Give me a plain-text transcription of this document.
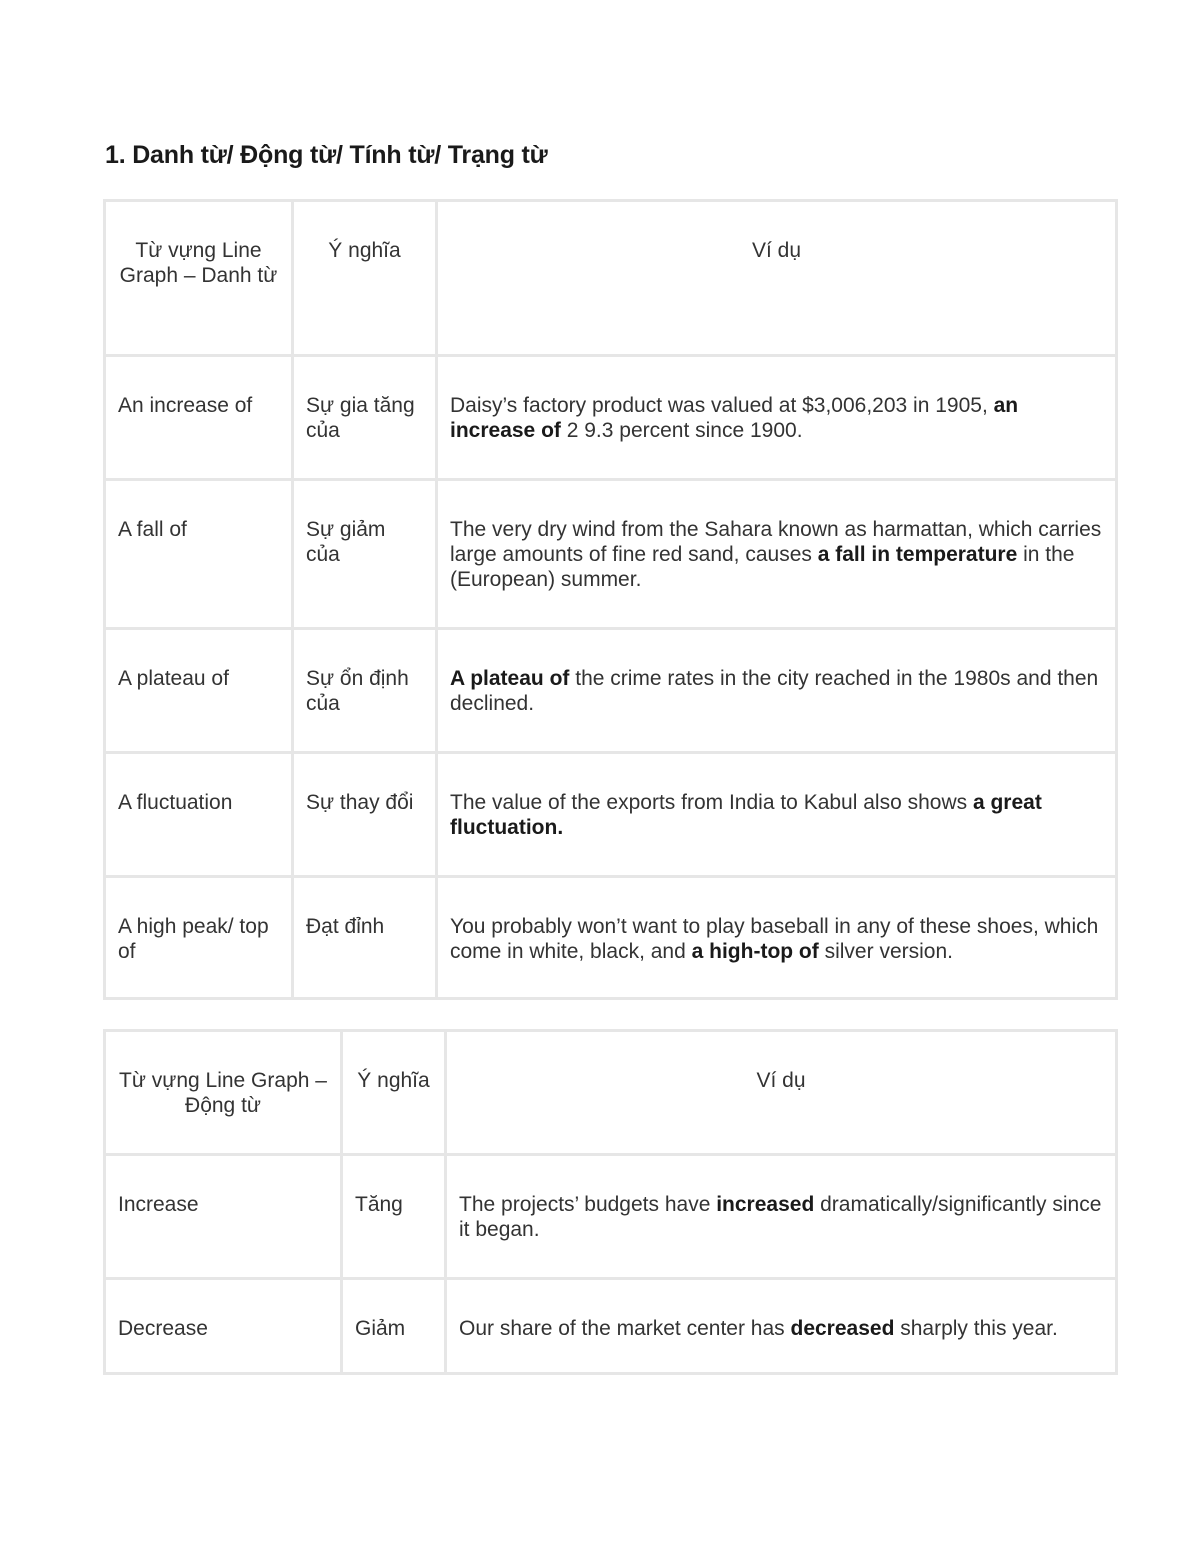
1. Danh từ/ Động từ/ Tính từ/ Trạng từ
Từ vựng Line Graph – Danh từ	Ý nghĩa	Ví dụ
An increase of	Sự gia tăng của	Daisy’s factory product was valued at $3,006,203 in 1905, an increase of 2 9.3 percent since 1900.
A fall of	Sự giảm của	The very dry wind from the Sahara known as harmattan, which carries large amounts of fine red sand, causes a fall in temperature in the (European) summer.
A plateau of	Sự ổn định của	A plateau of the crime rates in the city reached in the 1980s and then declined.
A fluctuation	Sự thay đổi	The value of the exports from India to Kabul also shows a great fluctuation.
A high peak/ top of	Đạt đỉnh	You probably won’t want to play baseball in any of these shoes, which come in white, black, and a high-top of silver version.
Từ vựng Line Graph – Động từ	Ý nghĩa	Ví dụ
Increase	Tăng	The projects’ budgets have increased dramatically/significantly since it began.
Decrease	Giảm	Our share of the market center has decreased sharply this year.
